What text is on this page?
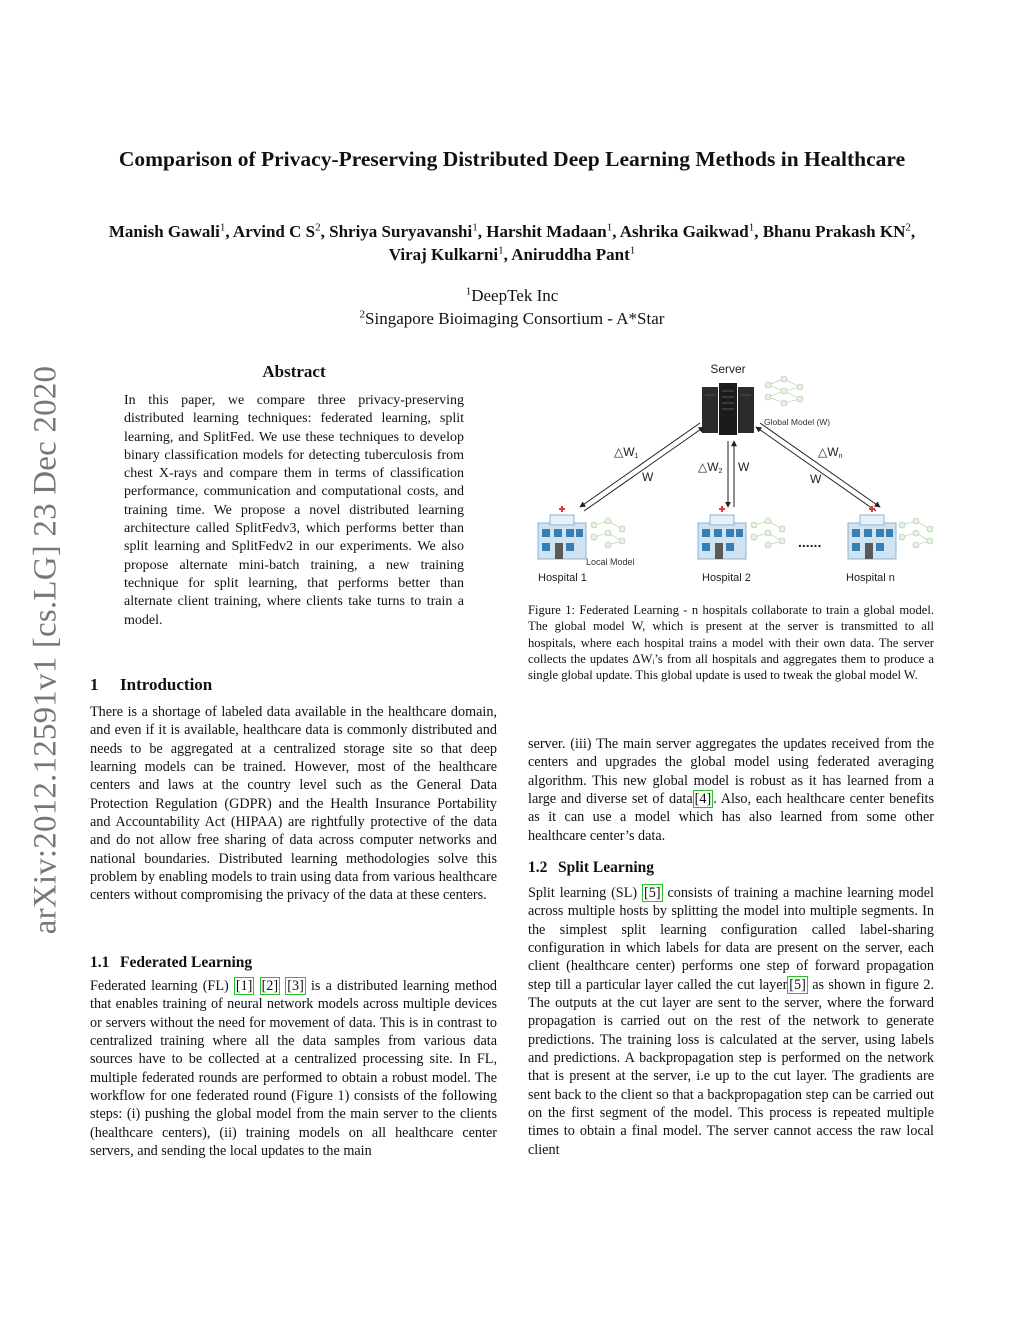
arXiv:2012.12591v1 [cs.LG] 23 Dec 2020
Comparison of Privacy-Preserving Distributed Deep Learning Methods in Healthcare
Manish Gawali$^1$, Arvind C $S^2$, Shriya Suryavanshi$^1$, Harshit Madaan$^1$, Ashrika Gaikwad$^1$, Bhanu Prakash $KN^2$, Viraj Kulkarni$^1$, Aniruddha Pant$^1$
$^1$DeepTek Inc
$^2$Singapore Bioimaging Consortium - A*Star
Abstract
In this paper, we compare three privacy-preserving distributed learning techniques: federated learning, split learning, and SplitFed. We use these techniques to develop binary classification models for detecting tuberculosis from chest X-rays and compare them in terms of classification performance, communication and computational costs, and training time. We propose a novel distributed learning architecture called SplitFedv3, which performs better than split learning and SplitFedv2 in our experiments. We also propose alternate mini-batch training, a new training technique for split learning, that performs better than alternate client training, where clients take turns to train a model.
1 Introduction
There is a shortage of labeled data available in the healthcare domain, and even if it is available, healthcare data is commonly distributed and needs to be aggregated at a centralized storage site so that deep learning models can be trained. However, most of the healthcare centers and laws at the country level such as the General Data Protection Regulation (GDPR) and the Health Insurance Portability and Accountability Act (HIPAA) are rightfully protective of the data and do not allow free sharing of data across computer networks and national boundaries. Distributed learning methodologies solve this problem by enabling models to train using data from various healthcare centers without compromising the privacy of the data at these centers.
1.1 Federated Learning
Federated learning (FL) [1] [2] [3] is a distributed learning method that enables training of neural network models across multiple devices or servers without the need for movement of data. This is in contrast to centralized training where all the data samples from various data sources have to be collected at a centralized processing site. In FL, multiple federated rounds are performed to obtain a robust model. The workflow for one federated round (Figure 1) consists of the following steps: (i) pushing the global model from the main server to the clients (healthcare centers), (ii) training models on all healthcare center servers, and sending the local updates to the main
server. (iii) The main server aggregates the updates received from the centers and upgrades the global model using federated averaging algorithm. This new global model is robust as it has learned from a large and diverse set of data [4] . Also, each healthcare center benefits as it can use a model which has also learned from some other healthcare center’s data.
1.2 Split Learning
Split learning (SL) [5] consists of training a machine learning model across multiple hosts by splitting the model into multiple segments. In the simplest split learning configuration called label-sharing configuration in which labels for data are present on the server, each client (healthcare center) performs one step of forward propagation step till a particular layer called the cut layer [5] as shown in figure 2. The outputs at the cut layer are sent to the server, where the forward propagation is carried out on the rest of the network to generate predictions. The training loss is calculated at the server, using labels and predictions. A backpropagation step is performed on the network that is present at the server, i.e up to the cut layer. The gradients are sent back to the client so that a backpropagation step can be carried out on the first segment of the model. This process is repeated multiple times to obtain a final model. The server cannot access the raw local client
Server
Global Model (W)
△W1
W
△W2 W
△Wn
W
Local Model
......
Hospital 1	Hospital 2	Hospital n
Figure 1: Federated Learning - n hospitals collaborate to train a global model. The global model W, which is present at the server is transmitted to all hospitals, where each hospital trains a model with their own data. The server collects the updates ΔWᵢ’s from all hospitals and aggregates them to produce a single global update. This global update is used to tweak the global model W.
